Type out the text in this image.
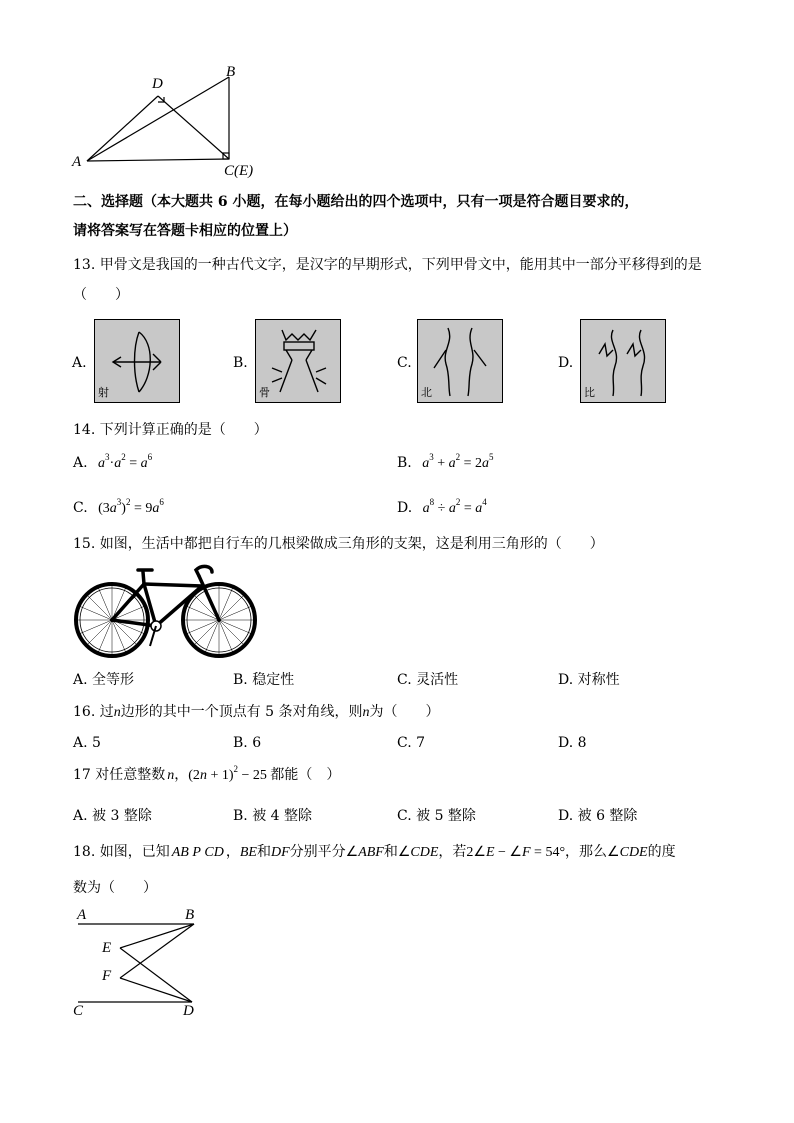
A
B
C(E)
D
二、选择题（本大题共 6 小题，在每小题给出的四个选项中，只有一项是符合题目要求的，
请将答案写在答题卡相应的位置上）
13. 甲骨文是我国的一种古代文字，是汉字的早期形式，下列甲骨文中，能用其中一部分平移得到的是
（　　）
A.
射
B.
骨
C.
北
D.
比
14. 下列计算正确的是（　　）
A. $a^3\cdot a^2 = a^6$	B. $a^3 + a^2 = 2a^5$
C. $(3a^3)^2 = 9a^6$	D. $a^8 \div a^2 = a^4$
15. 如图，生活中都把自行车的几根梁做成三角形的支架，这是利用三角形的（　　）
A. 全等形	B. 稳定性	C. 灵活性	D. 对称性
16. 过n边形的其中一个顶点有 5 条对角线，则n为（　　）
A. 5	B. 6	C. 7	D. 8
17 对任意整数 n，$(2n + 1)^2 - 25$ 都能（　）
A. 被 3 整除	B. 被 4 整除	C. 被 5 整除	D. 被 6 整除
18. 如图，已知 AB P CD ，BE和DF分别平分∠ABF和∠CDE，若2∠E − ∠F = 54°，那么∠CDE的度
数为（　　）
A	B
E
F
C	D
